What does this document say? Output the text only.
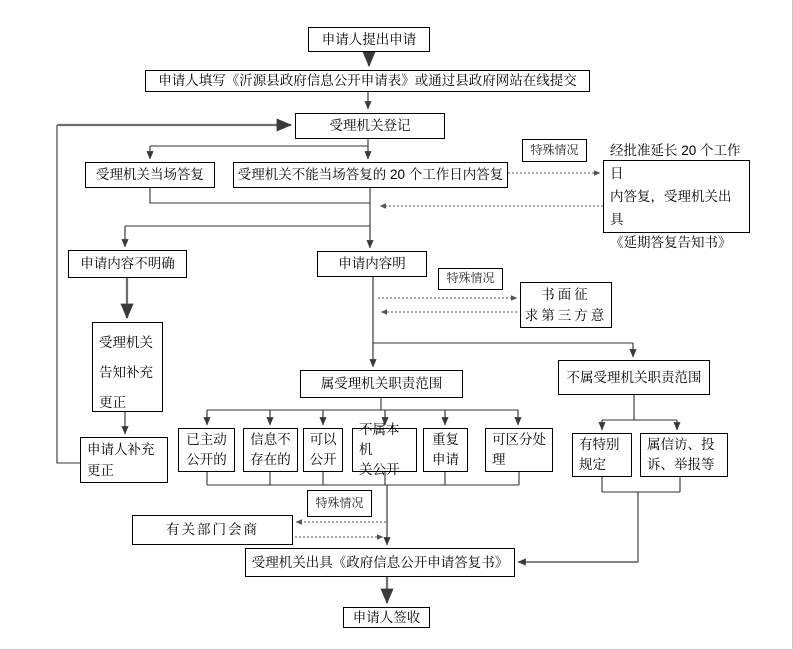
申请人提出申请
申请人填写《沂源县政府信息公开申请表》或通过县政府网站在线提交
受理机关登记
受理机关当场答复	受理机关不能当场答复的 20 个工作日内答复
特殊情况	经批准延长 20 个工作日
内答复，受理机关出具
《延期答复告知书》
申请内容不明确	申请内容明
特殊情况
书面征
求第三方意
受理机关
告知补充
更正
申请人补充
更正
属受理机关职责范围	不属受理机关职责范围
已主动
公开的
信息不
存在的
可以
公开
不属本机
关公开
重复
申请
可区分处
理
有特别
规定
属信访、投
诉、举报等
特殊情况
有关部门会商
受理机关出具《政府信息公开申请答复书》
申请人签收
